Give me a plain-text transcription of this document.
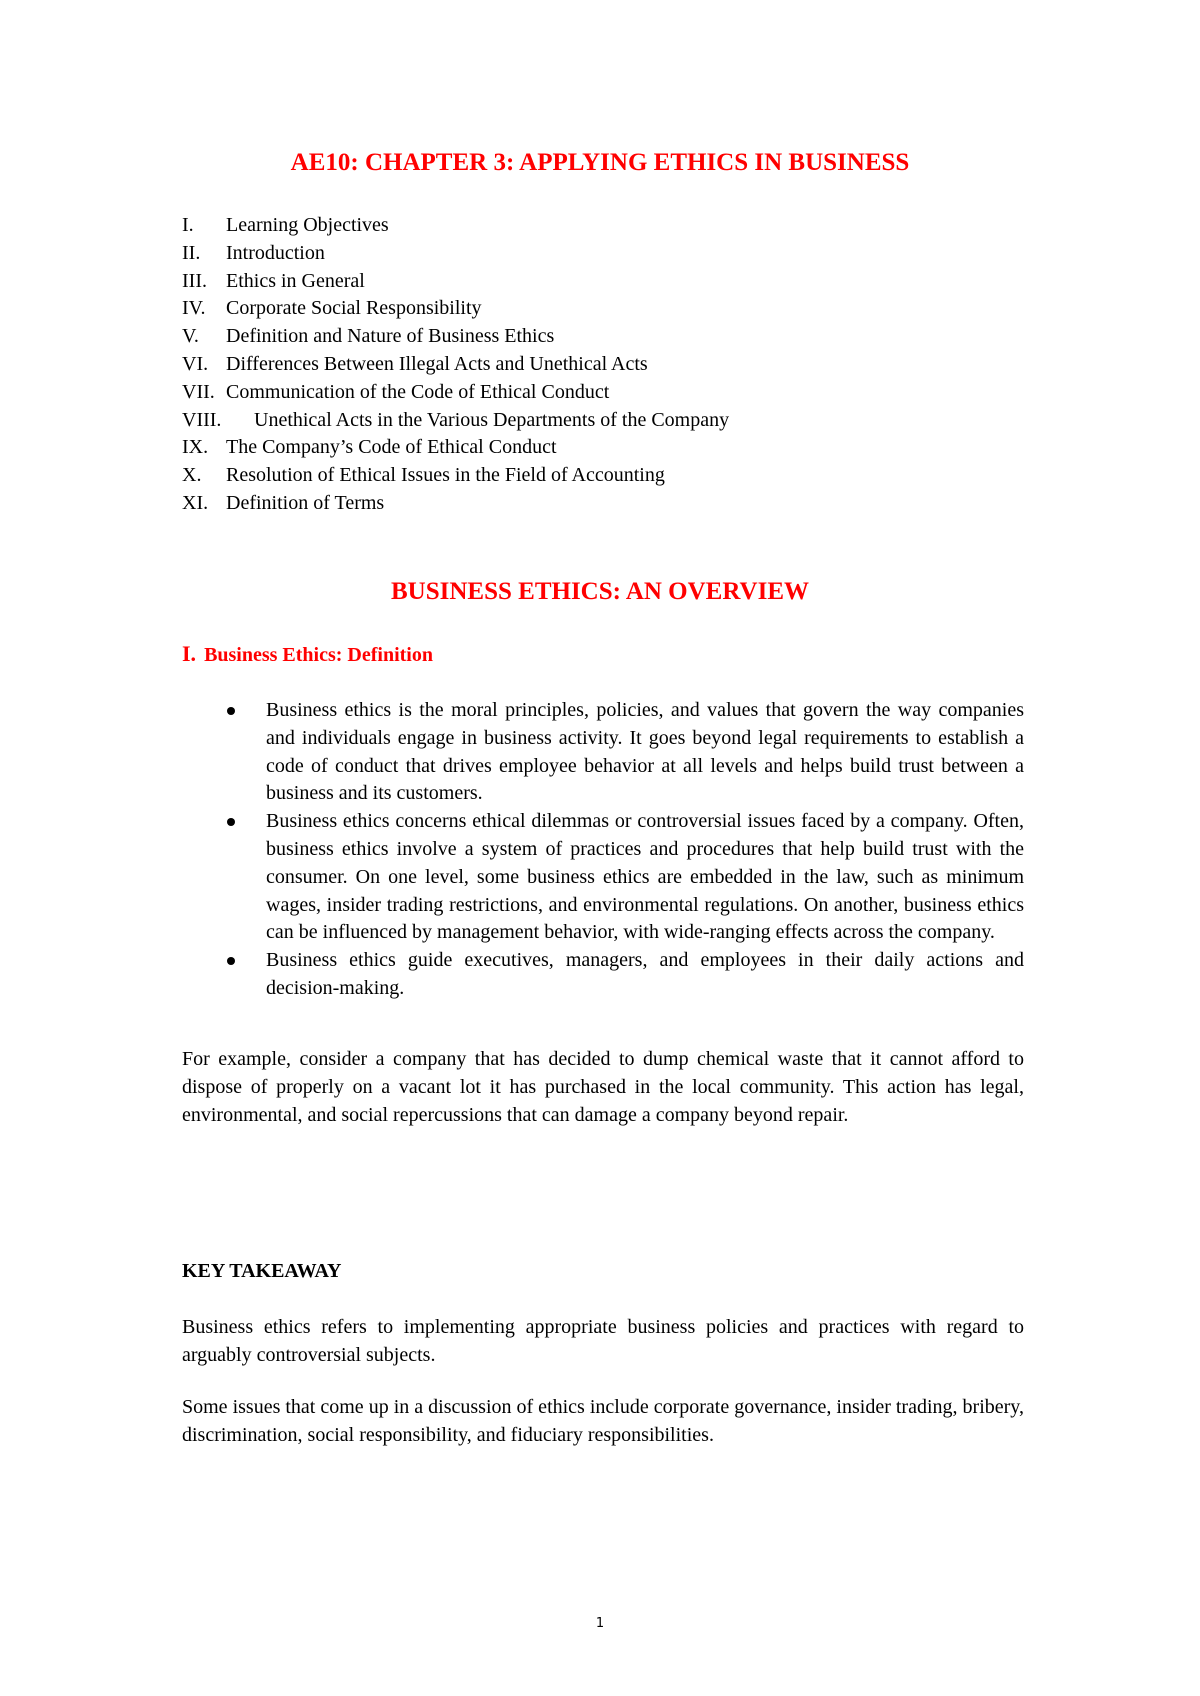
AE10: CHAPTER 3: APPLYING ETHICS IN BUSINESS
I. Learning Objectives
II. Introduction
III. Ethics in General
IV. Corporate Social Responsibility
V. Definition and Nature of Business Ethics
VI. Differences Between Illegal Acts and Unethical Acts
VII. Communication of the Code of Ethical Conduct
VIII. Unethical Acts in the Various Departments of the Company
IX. The Company’s Code of Ethical Conduct
X. Resolution of Ethical Issues in the Field of Accounting
XI. Definition of Terms
BUSINESS ETHICS: AN OVERVIEW
I. Business Ethics: Definition
Business ethics is the moral principles, policies, and values that govern the way companies and individuals engage in business activity. It goes beyond legal requirements to establish a code of conduct that drives employee behavior at all levels and helps build trust between a business and its customers.
Business ethics concerns ethical dilemmas or controversial issues faced by a company. Often, business ethics involve a system of practices and procedures that help build trust with the consumer. On one level, some business ethics are embedded in the law, such as minimum wages, insider trading restrictions, and environmental regulations. On another, business ethics can be influenced by management behavior, with wide-ranging effects across the company.
Business ethics guide executives, managers, and employees in their daily actions and decision-making.

For example, consider a company that has decided to dump chemical waste that it cannot afford to dispose of properly on a vacant lot it has purchased in the local community. This action has legal, environmental, and social repercussions that can damage a company beyond repair.

KEY TAKEAWAY

Business ethics refers to implementing appropriate business policies and practices with regard to arguably controversial subjects.

Some issues that come up in a discussion of ethics include corporate governance, insider trading, bribery, discrimination, social responsibility, and fiduciary responsibilities.

1
